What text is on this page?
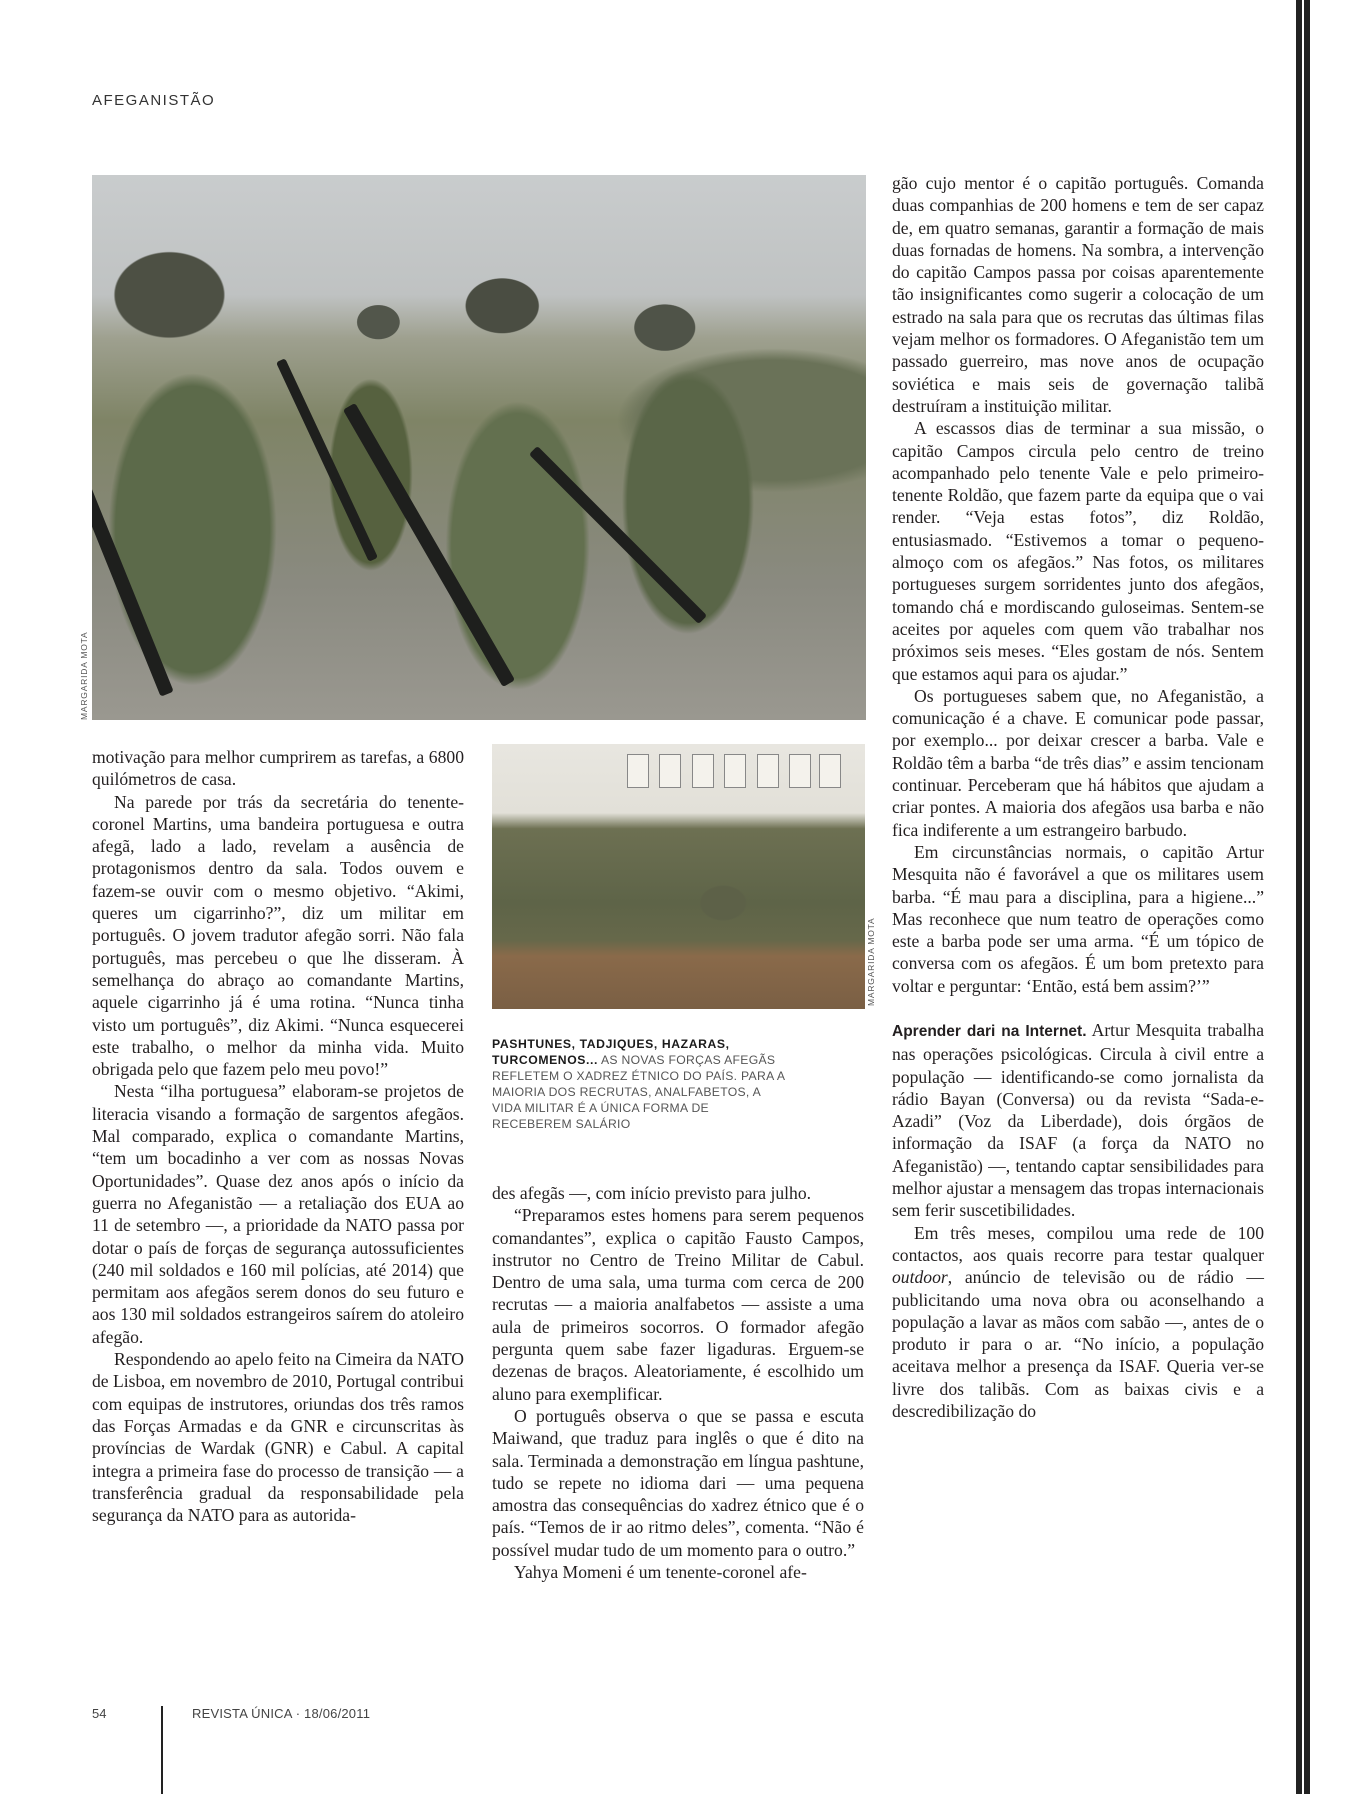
AFEGANISTÃO
MARGARIDA MOTA
MARGARIDA MOTA
PASHTUNES, TADJIQUES, HAZARAS, TURCOMENOS... AS NOVAS FORÇAS AFEGÃS REFLETEM O XADREZ ÉTNICO DO PAÍS. PARA A MAIORIA DOS RECRUTAS, ANALFABETOS, A VIDA MILITAR É A ÚNICA FORMA DE RECEBEREM SALÁRIO

motivação para melhor cumprirem as tarefas, a 6800 quilómetros de casa.

Na parede por trás da secretária do tenente-coronel Martins, uma bandeira portuguesa e outra afegã, lado a lado, revelam a ausência de protagonismos dentro da sala. Todos ouvem e fazem-se ouvir com o mesmo objetivo. “Akimi, queres um cigarrinho?”, diz um militar em português. O jovem tradutor afegão sorri. Não fala português, mas percebeu o que lhe disseram. À semelhança do abraço ao comandante Martins, aquele cigarrinho já é uma rotina. “Nunca tinha visto um português”, diz Akimi. “Nunca esquecerei este trabalho, o melhor da minha vida. Muito obrigada pelo que fazem pelo meu povo!”

Nesta “ilha portuguesa” elaboram-se projetos de literacia visando a formação de sargentos afegãos. Mal comparado, explica o comandante Martins, “tem um bocadinho a ver com as nossas Novas Oportunidades”. Quase dez anos após o início da guerra no Afeganistão — a retaliação dos EUA ao 11 de setembro —, a prioridade da NATO passa por dotar o país de forças de segurança autossuficientes (240 mil soldados e 160 mil polícias, até 2014) que permitam aos afegãos serem donos do seu futuro e aos 130 mil soldados estrangeiros saírem do atoleiro afegão.

Respondendo ao apelo feito na Cimeira da NATO de Lisboa, em novembro de 2010, Portugal contribui com equipas de instrutores, oriundas dos três ramos das Forças Armadas e da GNR e circunscritas às províncias de Wardak (GNR) e Cabul. A capital integra a primeira fase do processo de transição — a transferência gradual da responsabilidade pela segurança da NATO para as autorida-

des afegãs —, com início previsto para julho.

“Preparamos estes homens para serem pequenos comandantes”, explica o capitão Fausto Campos, instrutor no Centro de Treino Militar de Cabul. Dentro de uma sala, uma turma com cerca de 200 recrutas — a maioria analfabetos — assiste a uma aula de primeiros socorros. O formador afegão pergunta quem sabe fazer ligaduras. Erguem-se dezenas de braços. Aleatoriamente, é escolhido um aluno para exemplificar.

O português observa o que se passa e escuta Maiwand, que traduz para inglês o que é dito na sala. Terminada a demonstração em língua pashtune, tudo se repete no idioma dari — uma pequena amostra das consequências do xadrez étnico que é o país. “Temos de ir ao ritmo deles”, comenta. “Não é possível mudar tudo de um momento para o outro.”

Yahya Momeni é um tenente-coronel afe-

gão cujo mentor é o capitão português. Comanda duas companhias de 200 homens e tem de ser capaz de, em quatro semanas, garantir a formação de mais duas fornadas de homens. Na sombra, a intervenção do capitão Campos passa por coisas aparentemente tão insignificantes como sugerir a colocação de um estrado na sala para que os recrutas das últimas filas vejam melhor os formadores. O Afeganistão tem um passado guerreiro, mas nove anos de ocupação soviética e mais seis de governação talibã destruíram a instituição militar.

A escassos dias de terminar a sua missão, o capitão Campos circula pelo centro de treino acompanhado pelo tenente Vale e pelo primeiro-tenente Roldão, que fazem parte da equipa que o vai render. “Veja estas fotos”, diz Roldão, entusiasmado. “Estivemos a tomar o pequeno-almoço com os afegãos.” Nas fotos, os militares portugueses surgem sorridentes junto dos afegãos, tomando chá e mordiscando guloseimas. Sentem-se aceites por aqueles com quem vão trabalhar nos próximos seis meses. “Eles gostam de nós. Sentem que estamos aqui para os ajudar.”

Os portugueses sabem que, no Afeganistão, a comunicação é a chave. E comunicar pode passar, por exemplo... por deixar crescer a barba. Vale e Roldão têm a barba “de três dias” e assim tencionam continuar. Perceberam que há hábitos que ajudam a criar pontes. A maioria dos afegãos usa barba e não fica indiferente a um estrangeiro barbudo.

Em circunstâncias normais, o capitão Artur Mesquita não é favorável a que os militares usem barba. “É mau para a disciplina, para a higiene...” Mas reconhece que num teatro de operações como este a barba pode ser uma arma. “É um tópico de conversa com os afegãos. É um bom pretexto para voltar e perguntar: ‘Então, está bem assim?’”

Aprender dari na Internet. Artur Mesquita trabalha nas operações psicológicas. Circula à civil entre a população — identificando-se como jornalista da rádio Bayan (Conversa) ou da revista “Sada-e-Azadi” (Voz da Liberdade), dois órgãos de informação da ISAF (a força da NATO no Afeganistão) —, tentando captar sensibilidades para melhor ajustar a mensagem das tropas internacionais sem ferir suscetibilidades.

Em três meses, compilou uma rede de 100 contactos, aos quais recorre para testar qualquer outdoor, anúncio de televisão ou de rádio — publicitando uma nova obra ou aconselhando a população a lavar as mãos com sabão —, antes de o produto ir para o ar. “No início, a população aceitava melhor a presença da ISAF. Queria ver-se livre dos talibãs. Com as baixas civis e a descredibilização do

54	REVISTA ÚNICA · 18/06/2011
